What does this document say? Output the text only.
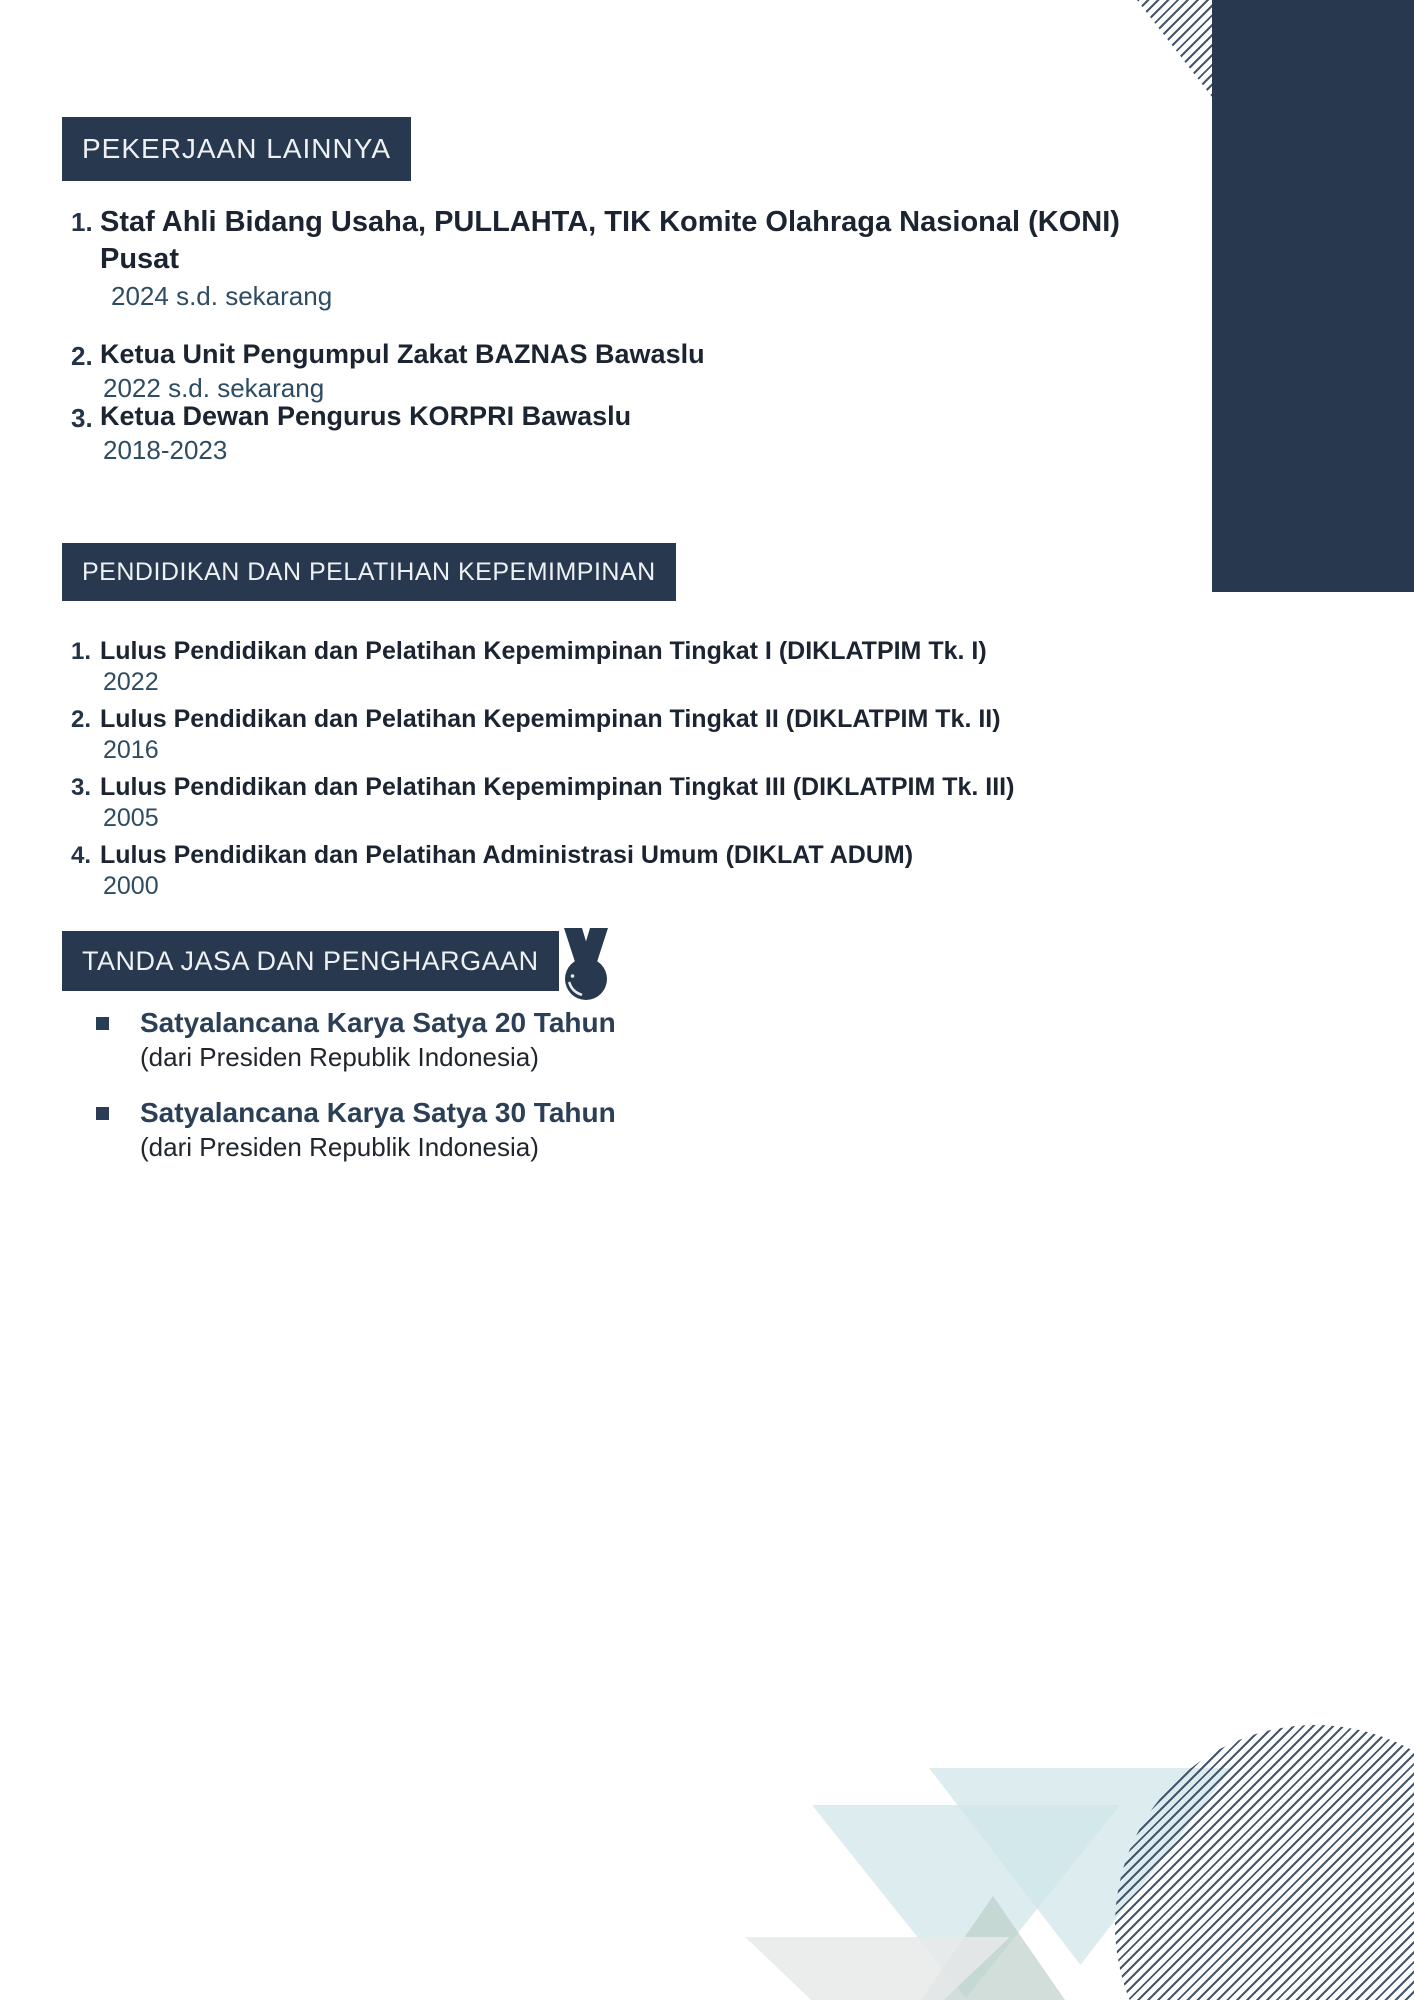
PEKERJAAN LAINNYA
1. Staf Ahli Bidang Usaha, PULLAHTA, TIK Komite Olahraga Nasional (KONI) Pusat
2024 s.d. sekarang
2. Ketua Unit Pengumpul Zakat BAZNAS Bawaslu
2022 s.d. sekarang
3. Ketua Dewan Pengurus KORPRI Bawaslu
2018-2023
PENDIDIKAN DAN PELATIHAN KEPEMIMPINAN
1. Lulus Pendidikan dan Pelatihan Kepemimpinan Tingkat I (DIKLATPIM Tk. I)
2022
2. Lulus Pendidikan dan Pelatihan Kepemimpinan Tingkat II (DIKLATPIM Tk. II)
2016
3. Lulus Pendidikan dan Pelatihan Kepemimpinan Tingkat III (DIKLATPIM Tk. III)
2005
4. Lulus Pendidikan dan Pelatihan Administrasi Umum (DIKLAT ADUM)
2000
TANDA JASA DAN PENGHARGAAN
Satyalancana Karya Satya 20 Tahun
(dari Presiden Republik Indonesia)
Satyalancana Karya Satya 30 Tahun
(dari Presiden Republik Indonesia)
